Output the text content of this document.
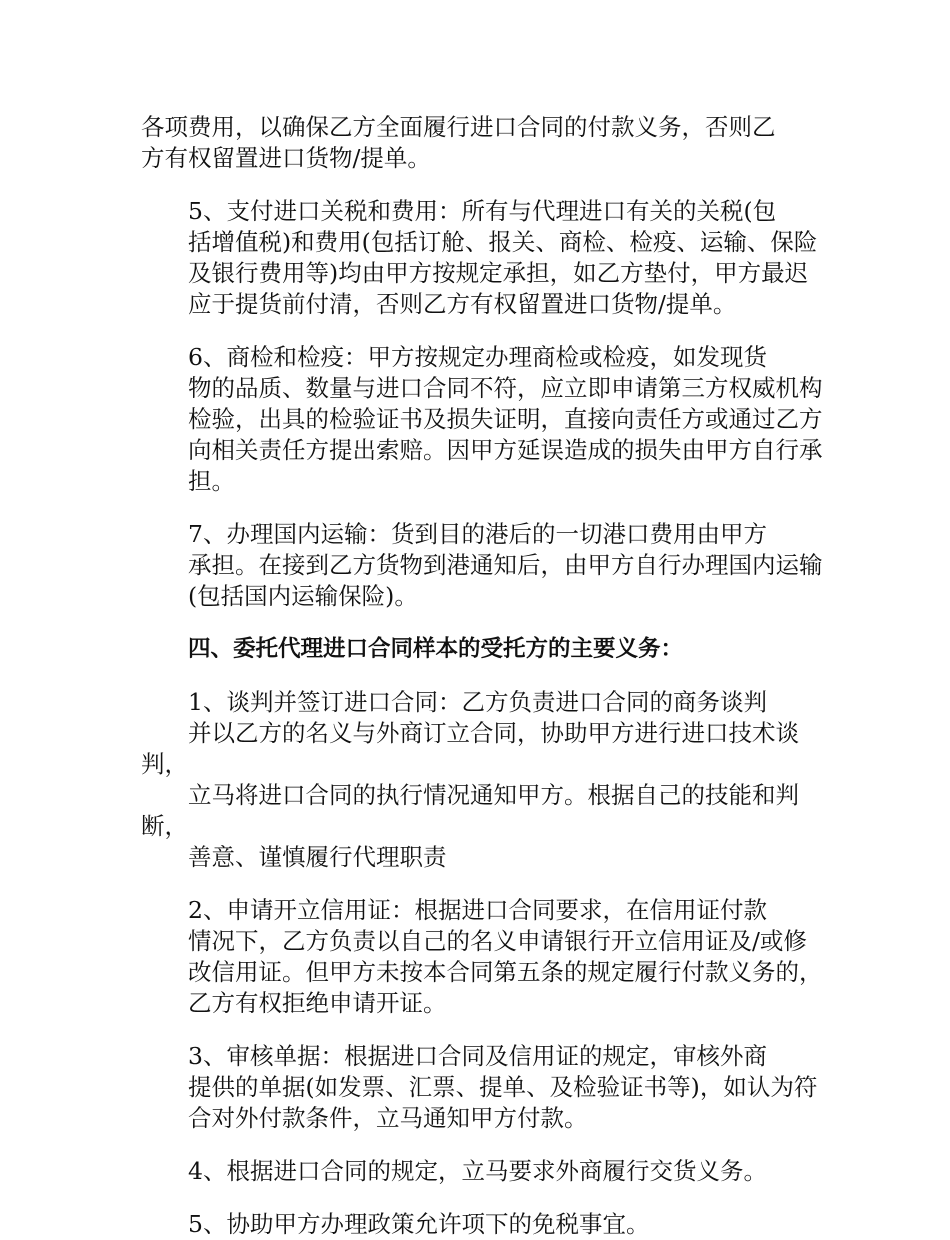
各项费用，以确保乙方全面履行进口合同的付款义务，否则乙
方有权留置进口货物/提单。

5、支付进口关税和费用：所有与代理进口有关的关税(包
括增值税)和费用(包括订舱、报关、商检、检疫、运输、保险
及银行费用等)均由甲方按规定承担，如乙方垫付，甲方最迟
应于提货前付清，否则乙方有权留置进口货物/提单。

6、商检和检疫：甲方按规定办理商检或检疫，如发现货
物的品质、数量与进口合同不符，应立即申请第三方权威机构
检验，出具的检验证书及损失证明，直接向责任方或通过乙方
向相关责任方提出索赔。因甲方延误造成的损失由甲方自行承
担。

7、办理国内运输：货到目的港后的一切港口费用由甲方
承担。在接到乙方货物到港通知后，由甲方自行办理国内运输
(包括国内运输保险)。

四、委托代理进口合同样本的受托方的主要义务：

1、谈判并签订进口合同：乙方负责进口合同的商务谈判
并以乙方的名义与外商订立合同，协助甲方进行进口技术谈判，
立马将进口合同的执行情况通知甲方。根据自己的技能和判断，
善意、谨慎履行代理职责

2、申请开立信用证：根据进口合同要求，在信用证付款
情况下，乙方负责以自己的名义申请银行开立信用证及/或修
改信用证。但甲方未按本合同第五条的规定履行付款义务的，
乙方有权拒绝申请开证。

3、审核单据：根据进口合同及信用证的规定，审核外商
提供的单据(如发票、汇票、提单、及检验证书等)，如认为符
合对外付款条件，立马通知甲方付款。

4、根据进口合同的规定，立马要求外商履行交货义务。

5、协助甲方办理政策允许项下的免税事宜。
